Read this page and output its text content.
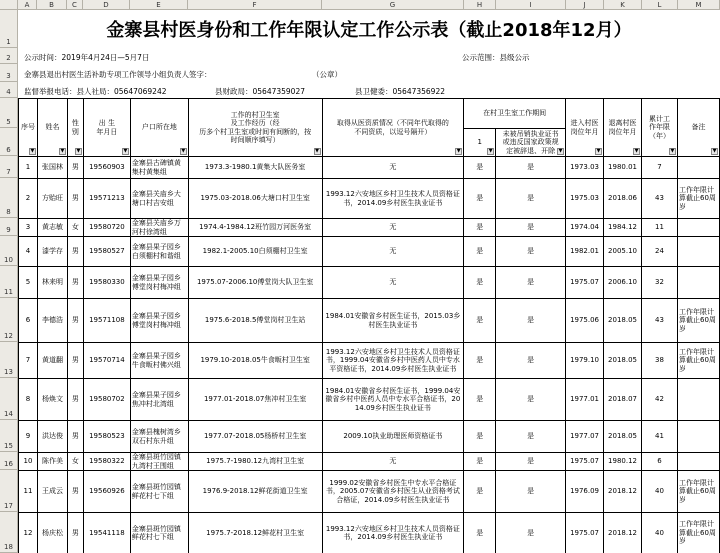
A	B	C	D	E	F	G	H	I	J	K	L	M
1
2
3
4
5
6
7
8
9
10
11
12
13
14
15
16
17
18
金寨县村医身份和工作年限认定工作公示表（截止2018年12月）
公示时间：2019年4月24日—5月7日	公示范围：县级公示
金寨县退出村医生活补助专项工作领导小组负责人签字：	（公章）
监督举报电话：县人社局：05647069242	县财政局：05647359027	县卫健委：05647356922
序号
▼	姓名
▼	性别
▼	出 生
年月日
▼	户口所在地
▼	工作的村卫生室
及工作经历（经
历多个村卫生室或时间有间断的，按
时间顺序填写）
▼	取得从医资质情况（不同年代取得的
不同资质，以逗号隔开）
▼	在村卫生室工作期间		进入村医
岗位年月
▼	退离村医
岗位年月
▼	累计工
作年限
（年）
▼	备注
▼

							1
▼	未被吊销执业证书
或违反国家政策规
定被辞退、开除 ▼				

1	张国林	男	19560903	金寨县古碑镇黄集村黄集组	1973.3-1980.1黄集大队医务室	无	是	是	1973.03	1980.01	7	
2	方贻旺	男	19571213	金寨县关庙乡大塘口村吉安组	1975.03-2018.06大塘口村卫生室	1993.12六安地区乡村卫生技术人员资格证书，2014.09乡村医生执业证书	是	是	1975.03	2018.06	43	工作年限计算截止60周岁
3	黄志敏	女	19580720	金寨县关庙乡万河村徐湾组	1974.4-1984.12班竹园万河医务室	无	是	是	1974.04	1984.12	11	
4	漆学存	男	19580527	金寨县果子园乡白须棚村和谐组	1982.1-2005.10白须棚村卫生室	无	是	是	1982.01	2005.10	24	
5	林来明	男	19580330	金寨县果子园乡傅堂岗村梅冲组	1975.07-2006.10傅堂岗大队卫生室	无	是	是	1975.07	2006.10	32	
6	李德浩	男	19571108	金寨县果子园乡傅堂岗村梅冲组	1975.6-2018.5傅堂岗村卫生站	1984.01安徽省乡村医生证书，2015.03乡村医生执业证书	是	是	1975.06	2018.05	43	工作年限计算截止60周岁
7	黄道翻	男	19570714	金寨县果子园乡牛食畈村佛兴组	1979.10-2018.05牛食畈村卫生室	1993.12六安地区乡村卫生技术人员资格证书，1999.04安徽省乡村中医药人员中专水平资格证书，2014.09乡村医生执业证书	是	是	1979.10	2018.05	38	工作年限计算截止60周岁
8	杨焕文	男	19580702	金寨县果子园乡焦冲村北湾组	1977.01-2018.07焦冲村卫生室	1984.01安徽省乡村医生证书，1999.04安徽省乡村中医药人员中专水平合格证书，2014.09乡村医生执业证书	是	是	1977.01	2018.07	42	
9	洪达俊	男	19580523	金寨县槐树湾乡双石村东升组	1977.07-2018.05杨桥村卫生室	2009.10执业助理医师资格证书	是	是	1977.07	2018.05	41	
10	陈作美	女	19580322	金寨县斑竹园镇九湾村王围组	1975.7-1980.12九湾村卫生室	无	是	是	1975.07	1980.12	6	
11	王成云	男	19560926	金寨县斑竹园镇鲜花村七下组	1976.9-2018.12鲜花街道卫生室	1999.02安徽省乡村医生中专水平合格证书，2005.07安徽省乡村医生从业资格考试合格证，2014.09乡村医生执业证书	是	是	1976.09	2018.12	40	工作年限计算截止60周岁
12	杨庆松	男	19541118	金寨县斑竹园镇鲜花村七下组	1975.7-2018.12鲜花村卫生室	1993.12六安地区乡村卫生技术人员资格证书，2014.09乡村医生执业证书	是	是	1975.07	2018.12	40	工作年限计算截止60周岁
